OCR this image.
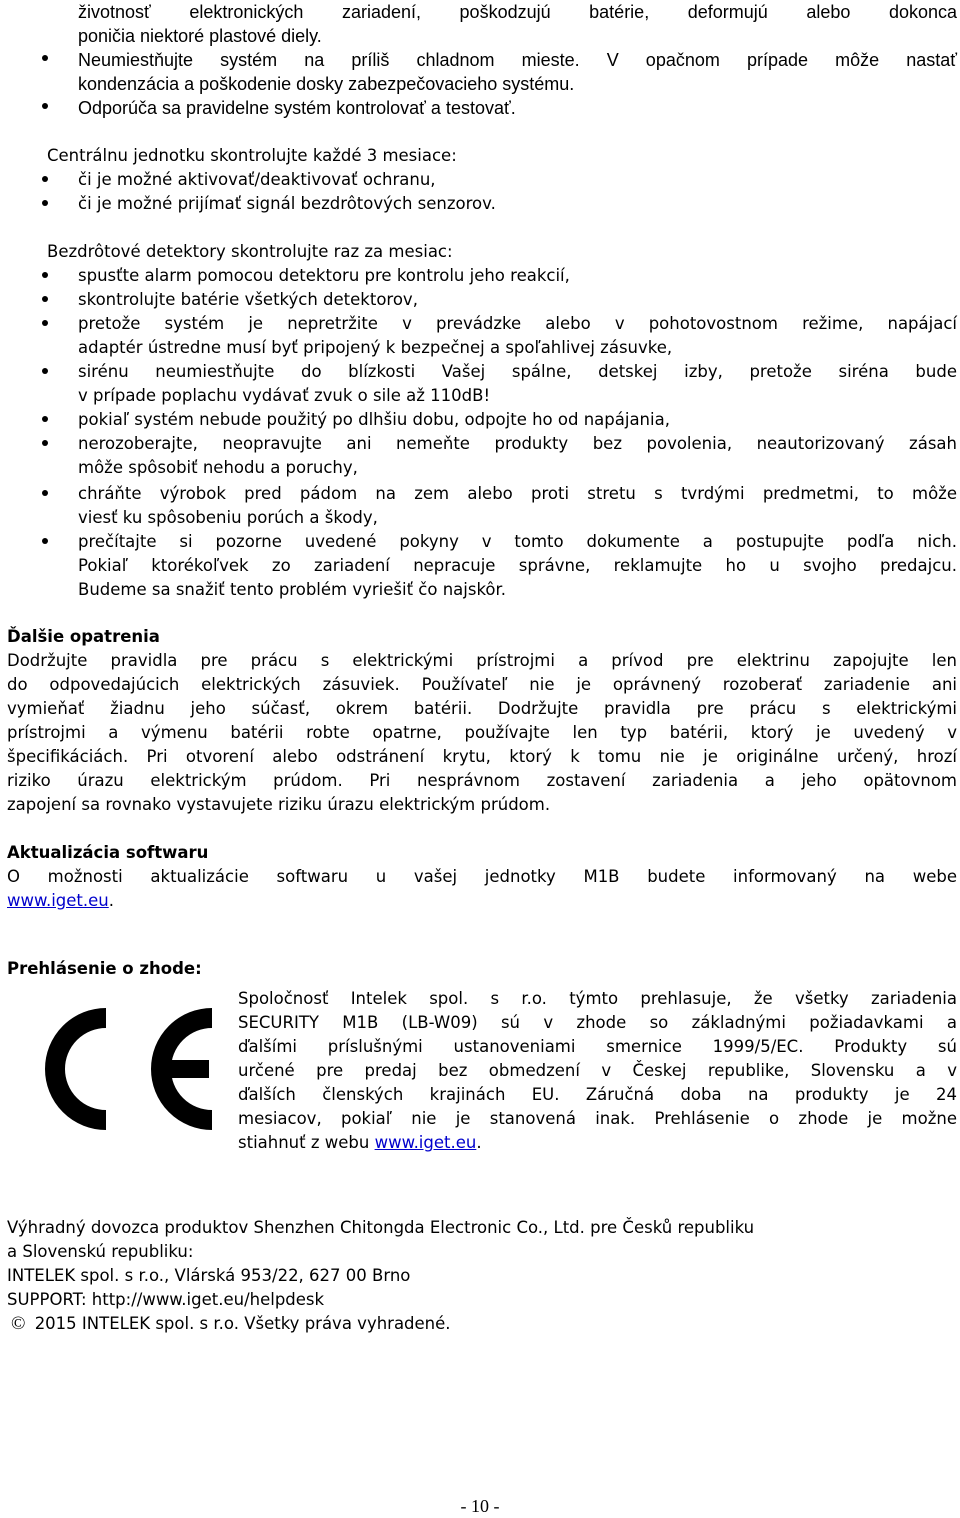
životnosť elektronických zariadení, poškodzujú batérie, deformujú alebo dokonca
poničia niektoré plastové diely.
Neumiestňujte systém na príliš chladnom mieste. V opačnom prípade môže nastať
kondenzácia a poškodenie dosky zabezpečovacieho systému.
Odporúča sa pravidelne systém kontrolovať a testovať.
Centrálnu jednotku skontrolujte každé 3 mesiace:
či je možné aktivovať/deaktivovať ochranu,
či je možné prijímať signál bezdrôtových senzorov.
Bezdrôtové detektory skontrolujte raz za mesiac:
spusťte alarm pomocou detektoru pre kontrolu jeho reakcií,
skontrolujte batérie všetkých detektorov,
pretože systém je nepretržite v prevádzke alebo v pohotovostnom režime, napájací
adaptér ústredne musí byť pripojený k bezpečnej a spoľahlivej zásuvke,
sirénu neumiestňujte do blízkosti Vašej spálne, detskej izby, pretože siréna bude
v prípade poplachu vydávať zvuk o sile až 110dB!
pokiaľ systém nebude použitý po dlhšiu dobu, odpojte ho od napájania,
nerozoberajte, neopravujte ani nemeňte produkty bez povolenia, neautorizovaný zásah
môže spôsobiť nehodu a poruchy,
chráňte výrobok pred pádom na zem alebo proti stretu s tvrdými predmetmi, to môže
viesť ku spôsobeniu porúch a škody,
prečítajte si pozorne uvedené pokyny v tomto dokumente a postupujte podľa nich.
Pokiaľ ktorékoľvek zo zariadení nepracuje správne, reklamujte ho u svojho predajcu.
Budeme sa snažiť tento problém vyriešiť čo najskôr.
Ďalšie opatrenia
Dodržujte pravidla pre prácu s elektrickými prístrojmi a prívod pre elektrinu zapojujte len
do odpovedajúcich elektrických zásuviek. Používateľ nie je oprávnený rozoberať zariadenie ani
vymieňať žiadnu jeho súčasť, okrem batérii. Dodržujte pravidla pre prácu s elektrickými
prístrojmi a výmenu batérii robte opatrne, používajte len typ batérii, ktorý je uvedený v
špecifikáciách. Pri otvorení alebo odstránení krytu, ktorý k tomu nie je originálne určený, hrozí
riziko úrazu elektrickým prúdom. Pri nesprávnom zostavení zariadenia a jeho opätovnom
zapojení sa rovnako vystavujete riziku úrazu elektrickým prúdom.
Aktualizácia softwaru
O možnosti aktualizácie softwaru u vašej jednotky M1B budete informovaný na webe
www.iget.eu.
Prehlásenie o zhode:
Spoločnosť Intelek spol. s r.o. týmto prehlasuje, že všetky zariadenia
SECURITY M1B (LB-W09) sú v zhode so základnými požiadavkami a
ďalšími príslušnými ustanoveniami smernice 1999/5/EC. Produkty sú
určené pre predaj bez obmedzení v Českej republike, Slovensku a v
ďalších členských krajinách EU. Záručná doba na produkty je 24
mesiacov, pokiaľ nie je stanovená inak. Prehlásenie o zhode je možne
stiahnuť z webu www.iget.eu.
Výhradný dovozca produktov Shenzhen Chitongda Electronic Co., Ltd. pre Česků republiku
a Slovenskú republiku:
INTELEK spol. s r.o., Vlárská 953/22, 627 00 Brno
SUPPORT: http://www.iget.eu/helpdesk
© 2015 INTELEK spol. s r.o. Všetky práva vyhradené.
- 10 -
